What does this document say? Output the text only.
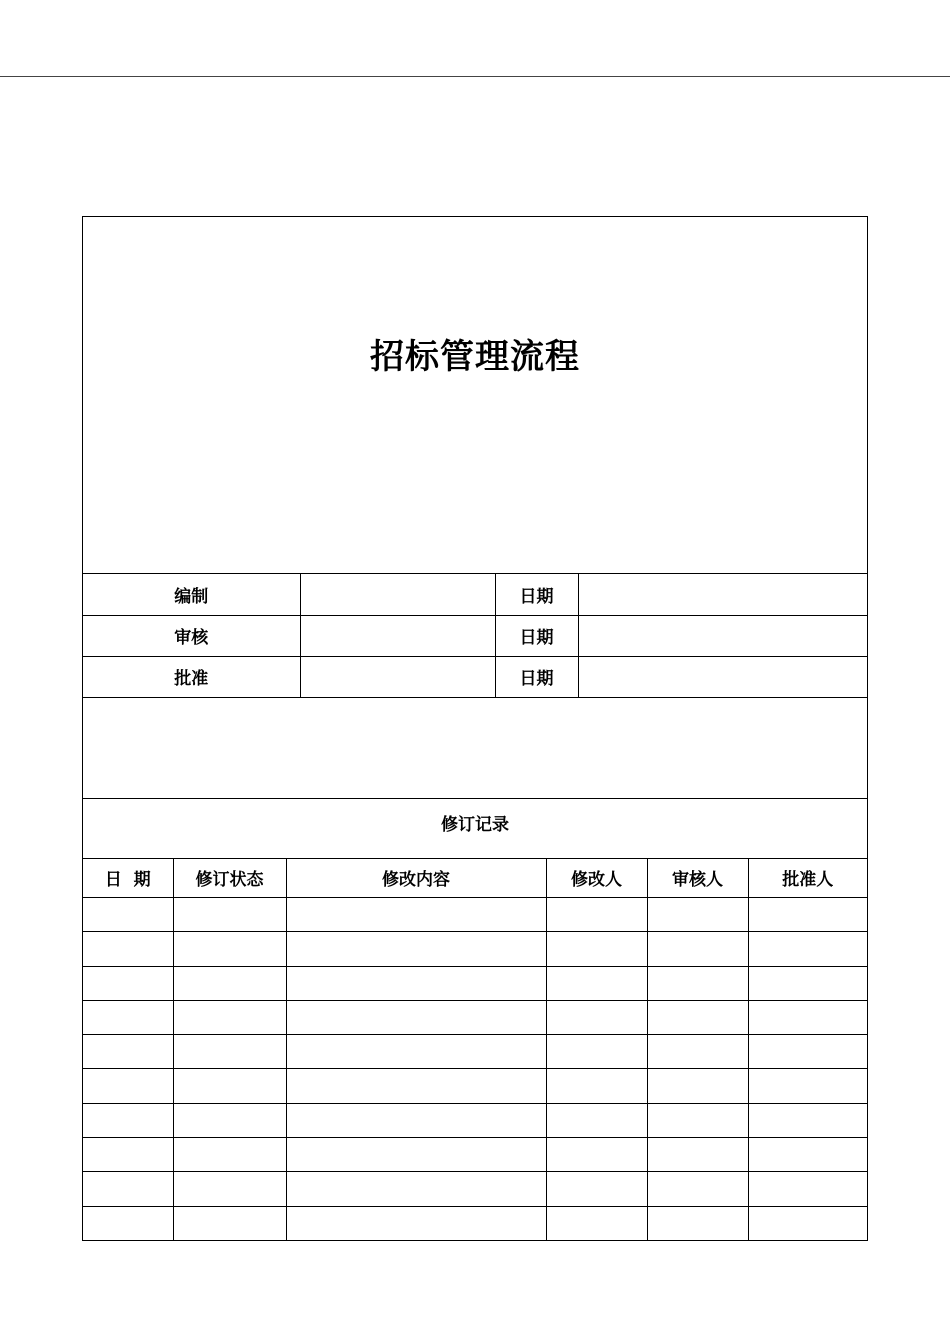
招标管理流程
编制		日期	
审核		日期	
批准		日期	
修订记录
日  期	修订状态	修改内容	修改人	审核人	批准人
